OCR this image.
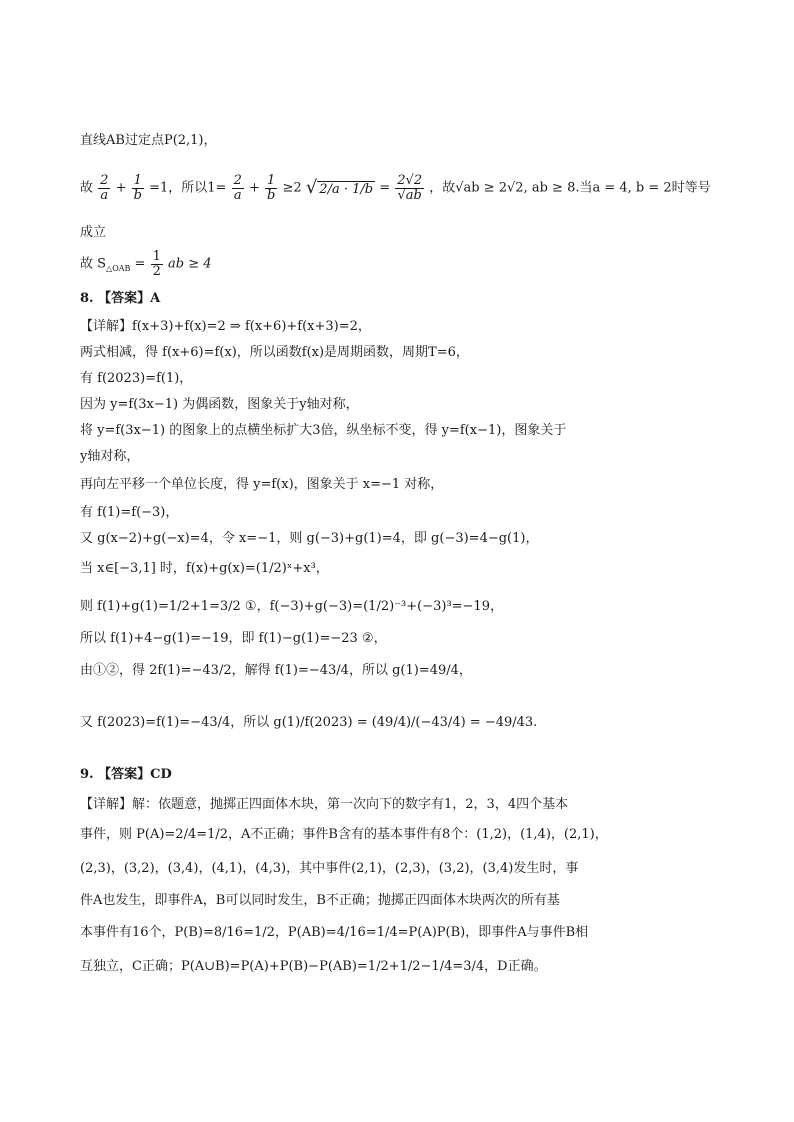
直线AB过定点P(2,1)，
故 $\frac{2}{a} + \frac{1}{b} =1$，所以$1= \frac{2}{a} + \frac{1}{b} \ge 2$ √ $2/a \cdot 1/b = \frac{2√2}{√ab}$ ，故√ab ≥ 2√2, ab ≥ 8.当a = 4, b = 2时等号
成立
故 $S_{\triangle OAB} = \frac{1}{2}$ ab ≥ 4
8. 【答案】A
【详解】f(x+3)+f(x)=2 ⇒ f(x+6)+f(x+3)=2，
两式相减，得 f(x+6)=f(x)，所以函数f(x)是周期函数，周期T=6，
有 f(2023)=f(1)，
因为 y=f(3x−1) 为偶函数，图象关于y轴对称，
将 y=f(3x−1) 的图象上的点横坐标扩大3倍，纵坐标不变，得 y=f(x−1)，图象关于
y轴对称，
再向左平移一个单位长度，得 y=f(x)，图象关于 x=−1 对称，
有 f(1)=f(−3)，
又 g(x−2)+g(−x)=4，令 x=−1，则 g(−3)+g(1)=4，即 g(−3)=4−g(1)，
当 x∈[−3,1] 时，f(x)+g(x)=(1/2)ˣ+x³，
则 f(1)+g(1)=1/2+1=3/2 ①，f(−3)+g(−3)=(1/2)⁻³+(−3)³=−19，
所以 f(1)+4−g(1)=−19，即 f(1)−g(1)=−23 ②，
由①②，得 2f(1)=−43/2，解得 f(1)=−43/4，所以 g(1)=49/4，
又 f(2023)=f(1)=−43/4，所以 g(1)/f(2023) = (49/4)/(−43/4) = −49/43.
9. 【答案】CD
【详解】解：依题意，抛掷正四面体木块，第一次向下的数字有1，2，3，4四个基本
事件，则 P(A)=2/4=1/2，A不正确；事件B含有的基本事件有8个：(1,2)，(1,4)，(2,1)，
(2,3)，(3,2)，(3,4)，(4,1)，(4,3)，其中事件(2,1)，(2,3)，(3,2)，(3,4)发生时，事
件A也发生，即事件A，B可以同时发生，B不正确；抛掷正四面体木块两次的所有基
本事件有16个，P(B)=8/16=1/2，P(AB)=4/16=1/4=P(A)P(B)，即事件A与事件B相
互独立，C正确；P(A∪B)=P(A)+P(B)−P(AB)=1/2+1/2−1/4=3/4，D正确。
